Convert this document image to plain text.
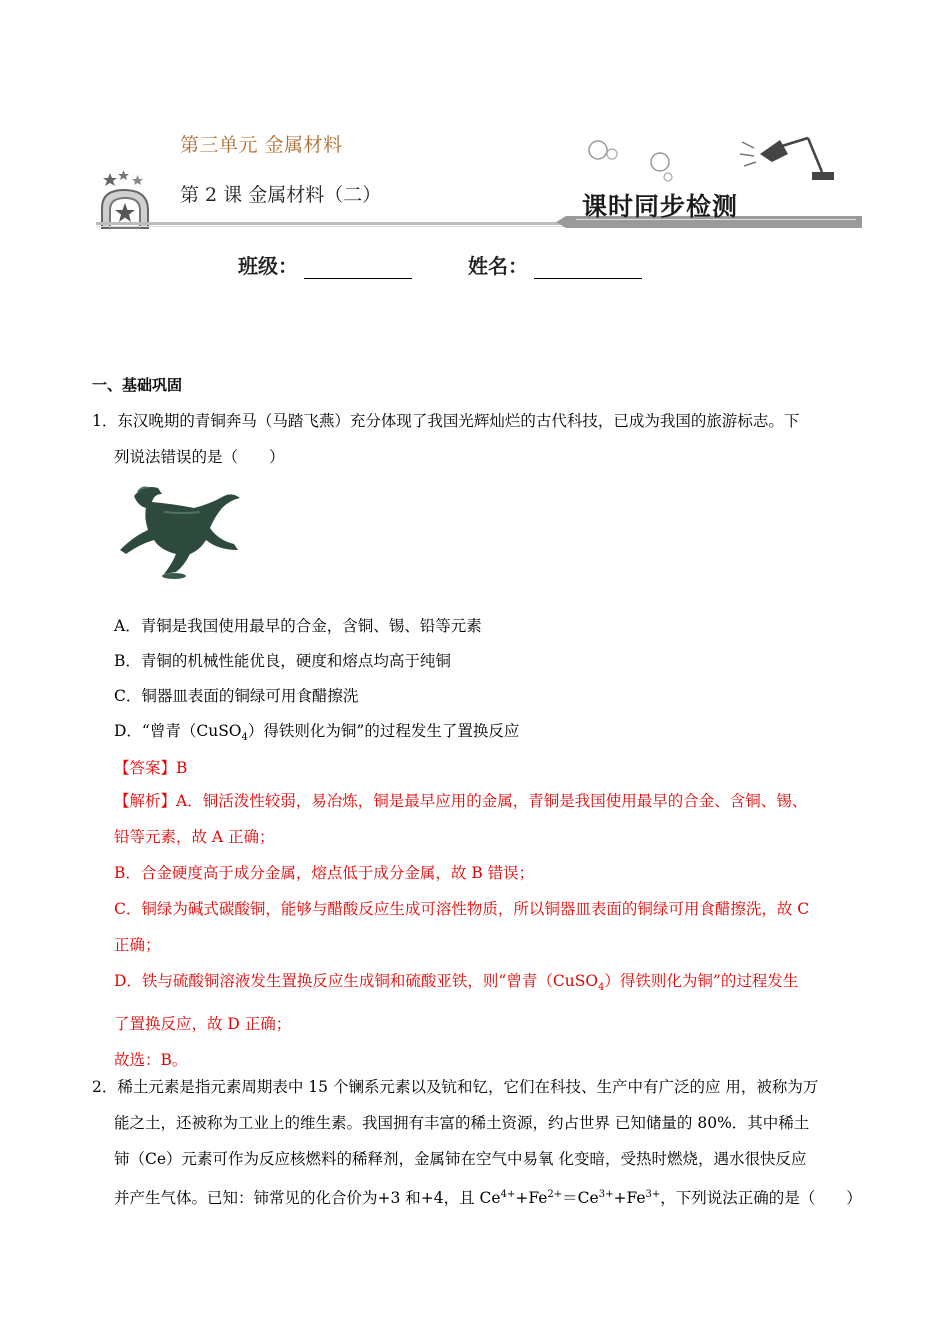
第三单元 金属材料
第 2 课 金属材料（二）	课时同步检测
班级：	姓名：
一、基础巩固
1．东汉晚期的青铜奔马（马踏飞燕）充分体现了我国光辉灿烂的古代科技，已成为我国的旅游标志。下
列说法错误的是（　　）
A．青铜是我国使用最早的合金，含铜、锡、铅等元素
B．青铜的机械性能优良，硬度和熔点均高于纯铜
C．铜器皿表面的铜绿可用食醋擦洗
D．“曾青（CuSO$_4$）得铁则化为铜”的过程发生了置换反应
【答案】B
【解析】A．铜活泼性较弱，易冶炼，铜是最早应用的金属，青铜是我国使用最早的合金、含铜、锡、
铅等元素，故 A 正确；
B．合金硬度高于成分金属，熔点低于成分金属，故 B 错误；
C．铜绿为碱式碳酸铜，能够与醋酸反应生成可溶性物质，所以铜器皿表面的铜绿可用食醋擦洗，故 C
正确；
D．铁与硫酸铜溶液发生置换反应生成铜和硫酸亚铁，则“曾青（CuSO$_4$）得铁则化为铜”的过程发生
了置换反应，故 D 正确；
故选：B。
2．稀土元素是指元素周期表中 15 个镧系元素以及钪和钇，它们在科技、生产中有广泛的应 用，被称为万
能之土，还被称为工业上的维生素。我国拥有丰富的稀土资源，约占世界 已知储量的 80%．其中稀土
铈（Ce）元素可作为反应核燃料的稀释剂，金属铈在空气中易氧 化变暗，受热时燃烧，遇水很快反应
并产生气体。已知：铈常见的化合价为+3 和+4，且 $Ce^{4+}+Fe^{2+}=Ce^{3+}+Fe^{3+}$，下列说法正确的是（　　）
